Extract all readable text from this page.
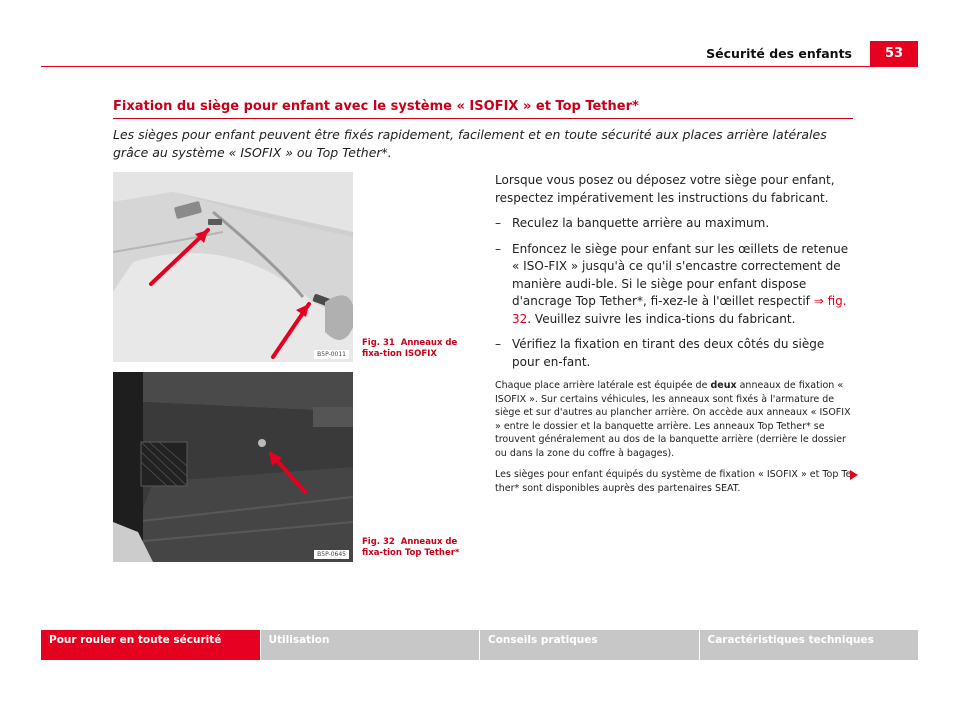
Sécurité des enfants	53
Fixation du siège pour enfant avec le système « ISOFIX » et Top Tether*
Les sièges pour enfant peuvent être fixés rapidement, facilement et en toute sécurité aux places arrière latérales grâce au système « ISOFIX » ou Top Tether*.
B5P-0011
Fig. 31 Anneaux de fixa-tion ISOFIX
B5P-0645
Fig. 32 Anneaux de fixa-tion Top Tether*

Lorsque vous posez ou déposez votre siège pour enfant, respectez impérativement les instructions du fabricant.

– Reculez la banquette arrière au maximum.
– Enfoncez le siège pour enfant sur les œillets de retenue « ISO-FIX » jusqu'à ce qu'il s'encastre correctement de manière audi-ble. Si le siège pour enfant dispose d'ancrage Top Tether*, fi-xez-le à l'œillet respectif ⇒ fig. 32. Veuillez suivre les indica-tions du fabricant.
– Vérifiez la fixation en tirant des deux côtés du siège pour en-fant.

Chaque place arrière latérale est équipée de deux anneaux de fixation « ISOFIX ». Sur certains véhicules, les anneaux sont fixés à l'armature de siège et sur d'autres au plancher arrière. On accède aux anneaux « ISOFIX » entre le dossier et la banquette arrière. Les anneaux Top Tether* se trouvent généralement au dos de la banquette arrière (derrière le dossier ou dans la zone du coffre à bagages).

Les sièges pour enfant équipés du système de fixation « ISOFIX » et Top Te-ther* sont disponibles auprès des partenaires SEAT.

Pour rouler en toute sécurité	Utilisation	Conseils pratiques	Caractéristiques techniques
